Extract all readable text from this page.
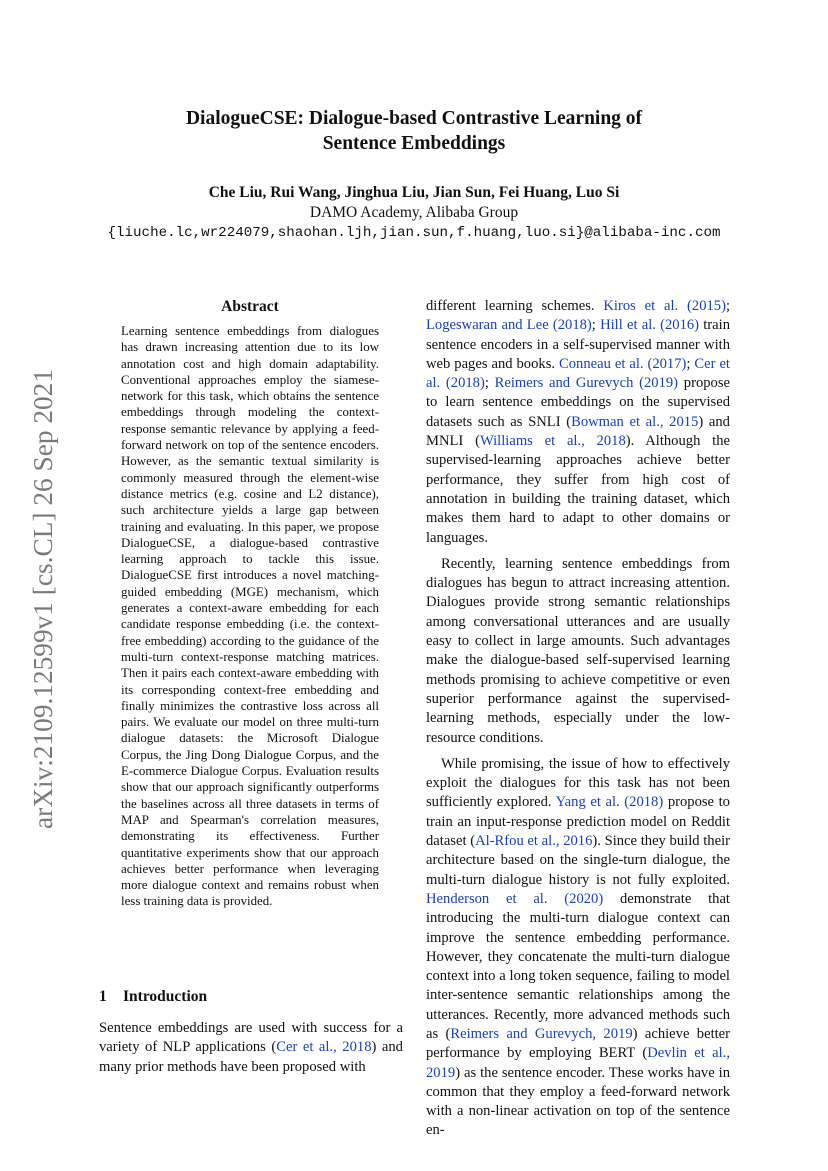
DialogueCSE: Dialogue-based Contrastive Learning of
Sentence Embeddings
Che Liu, Rui Wang, Jinghua Liu, Jian Sun, Fei Huang, Luo Si
DAMO Academy, Alibaba Group
{liuche.lc,wr224079,shaohan.ljh,jian.sun,f.huang,luo.si}@alibaba-inc.com
arXiv:2109.12599v1 [cs.CL] 26 Sep 2021
Abstract
Learning sentence embeddings from dialogues has drawn increasing attention due to its low annotation cost and high domain adaptability. Conventional approaches employ the siamese-network for this task, which obtains the sentence embeddings through modeling the context-response semantic relevance by applying a feed-forward network on top of the sentence encoders. However, as the semantic textual similarity is commonly measured through the element-wise distance metrics (e.g. cosine and L2 distance), such architecture yields a large gap between training and evaluating. In this paper, we propose DialogueCSE, a dialogue-based contrastive learning approach to tackle this issue. DialogueCSE first introduces a novel matching-guided embedding (MGE) mechanism, which generates a context-aware embedding for each candidate response embedding (i.e. the context-free embedding) according to the guidance of the multi-turn context-response matching matrices. Then it pairs each context-aware embedding with its corresponding context-free embedding and finally minimizes the contrastive loss across all pairs. We evaluate our model on three multi-turn dialogue datasets: the Microsoft Dialogue Corpus, the Jing Dong Dialogue Corpus, and the E-commerce Dialogue Corpus. Evaluation results show that our approach significantly outperforms the baselines across all three datasets in terms of MAP and Spearman's correlation measures, demonstrating its effectiveness. Further quantitative experiments show that our approach achieves better performance when leveraging more dialogue context and remains robust when less training data is provided.
1 Introduction
Sentence embeddings are used with success for a variety of NLP applications (Cer et al., 2018) and many prior methods have been proposed with

different learning schemes. Kiros et al. (2015); Logeswaran and Lee (2018); Hill et al. (2016) train sentence encoders in a self-supervised manner with web pages and books. Conneau et al. (2017); Cer et al. (2018); Reimers and Gurevych (2019) propose to learn sentence embeddings on the supervised datasets such as SNLI (Bowman et al., 2015) and MNLI (Williams et al., 2018). Although the supervised-learning approaches achieve better performance, they suffer from high cost of annotation in building the training dataset, which makes them hard to adapt to other domains or languages.

Recently, learning sentence embeddings from dialogues has begun to attract increasing attention. Dialogues provide strong semantic relationships among conversational utterances and are usually easy to collect in large amounts. Such advantages make the dialogue-based self-supervised learning methods promising to achieve competitive or even superior performance against the supervised-learning methods, especially under the low-resource conditions.

While promising, the issue of how to effectively exploit the dialogues for this task has not been sufficiently explored. Yang et al. (2018) propose to train an input-response prediction model on Reddit dataset (Al-Rfou et al., 2016). Since they build their architecture based on the single-turn dialogue, the multi-turn dialogue history is not fully exploited. Henderson et al. (2020) demonstrate that introducing the multi-turn dialogue context can improve the sentence embedding performance. However, they concatenate the multi-turn dialogue context into a long token sequence, failing to model inter-sentence semantic relationships among the utterances. Recently, more advanced methods such as (Reimers and Gurevych, 2019) achieve better performance by employing BERT (Devlin et al., 2019) as the sentence encoder. These works have in common that they employ a feed-forward network with a non-linear activation on top of the sentence en-
